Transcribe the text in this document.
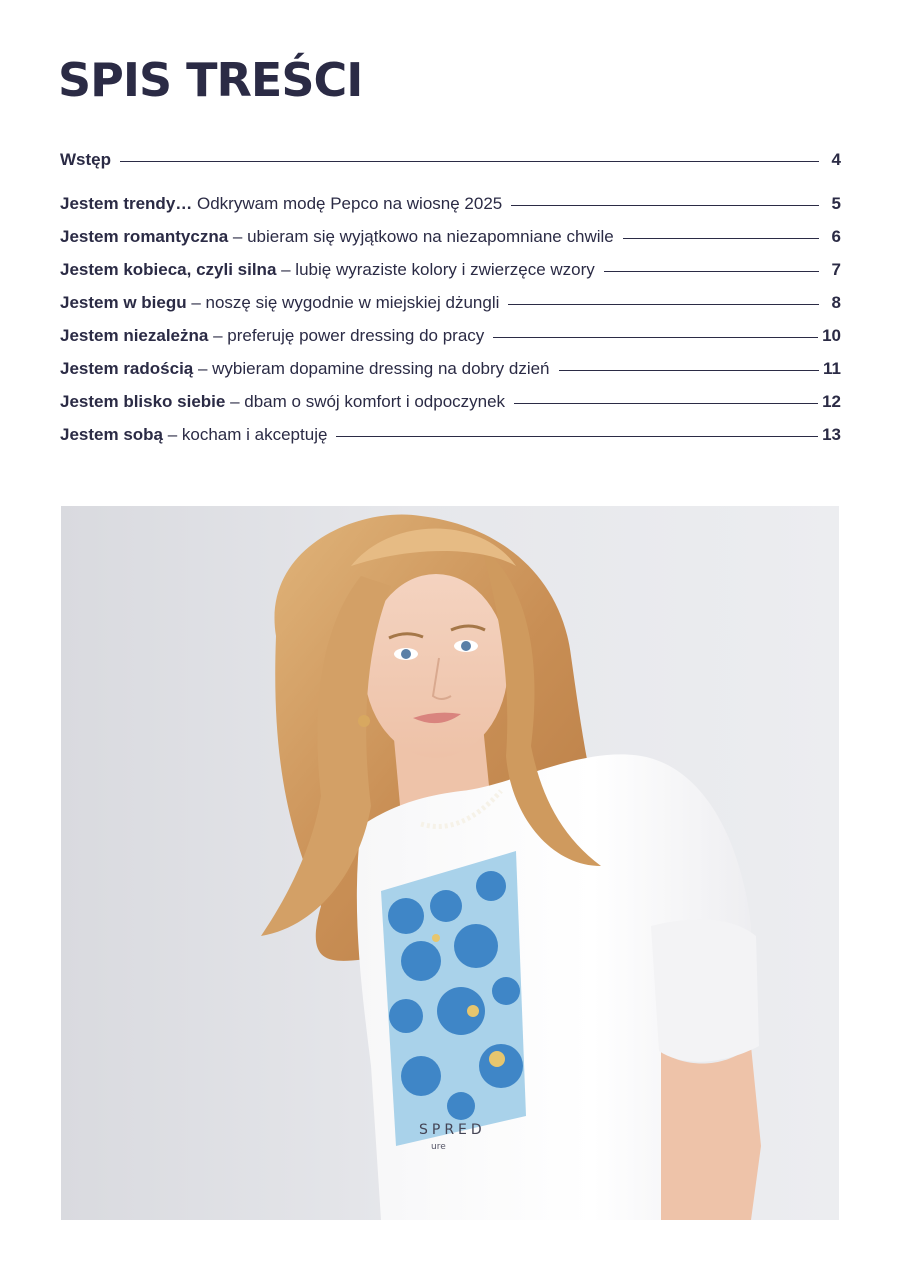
SPIS TREŚCI
Wstęp	4
Jestem trendy… Odkrywam modę Pepco na wiosnę 2025	5
Jestem romantyczna – ubieram się wyjątkowo na niezapomniane chwile	6
Jestem kobieca, czyli silna – lubię wyraziste kolory i zwierzęce wzory	7
Jestem w biegu – noszę się wygodnie w miejskiej dżungli	8
Jestem niezależna – preferuję power dressing do pracy	10
Jestem radością – wybieram dopamine dressing na dobry dzień	11
Jestem blisko siebie – dbam o swój komfort i odpoczynek	12
Jestem sobą – kocham i akceptuję	13
SPRED
ure
